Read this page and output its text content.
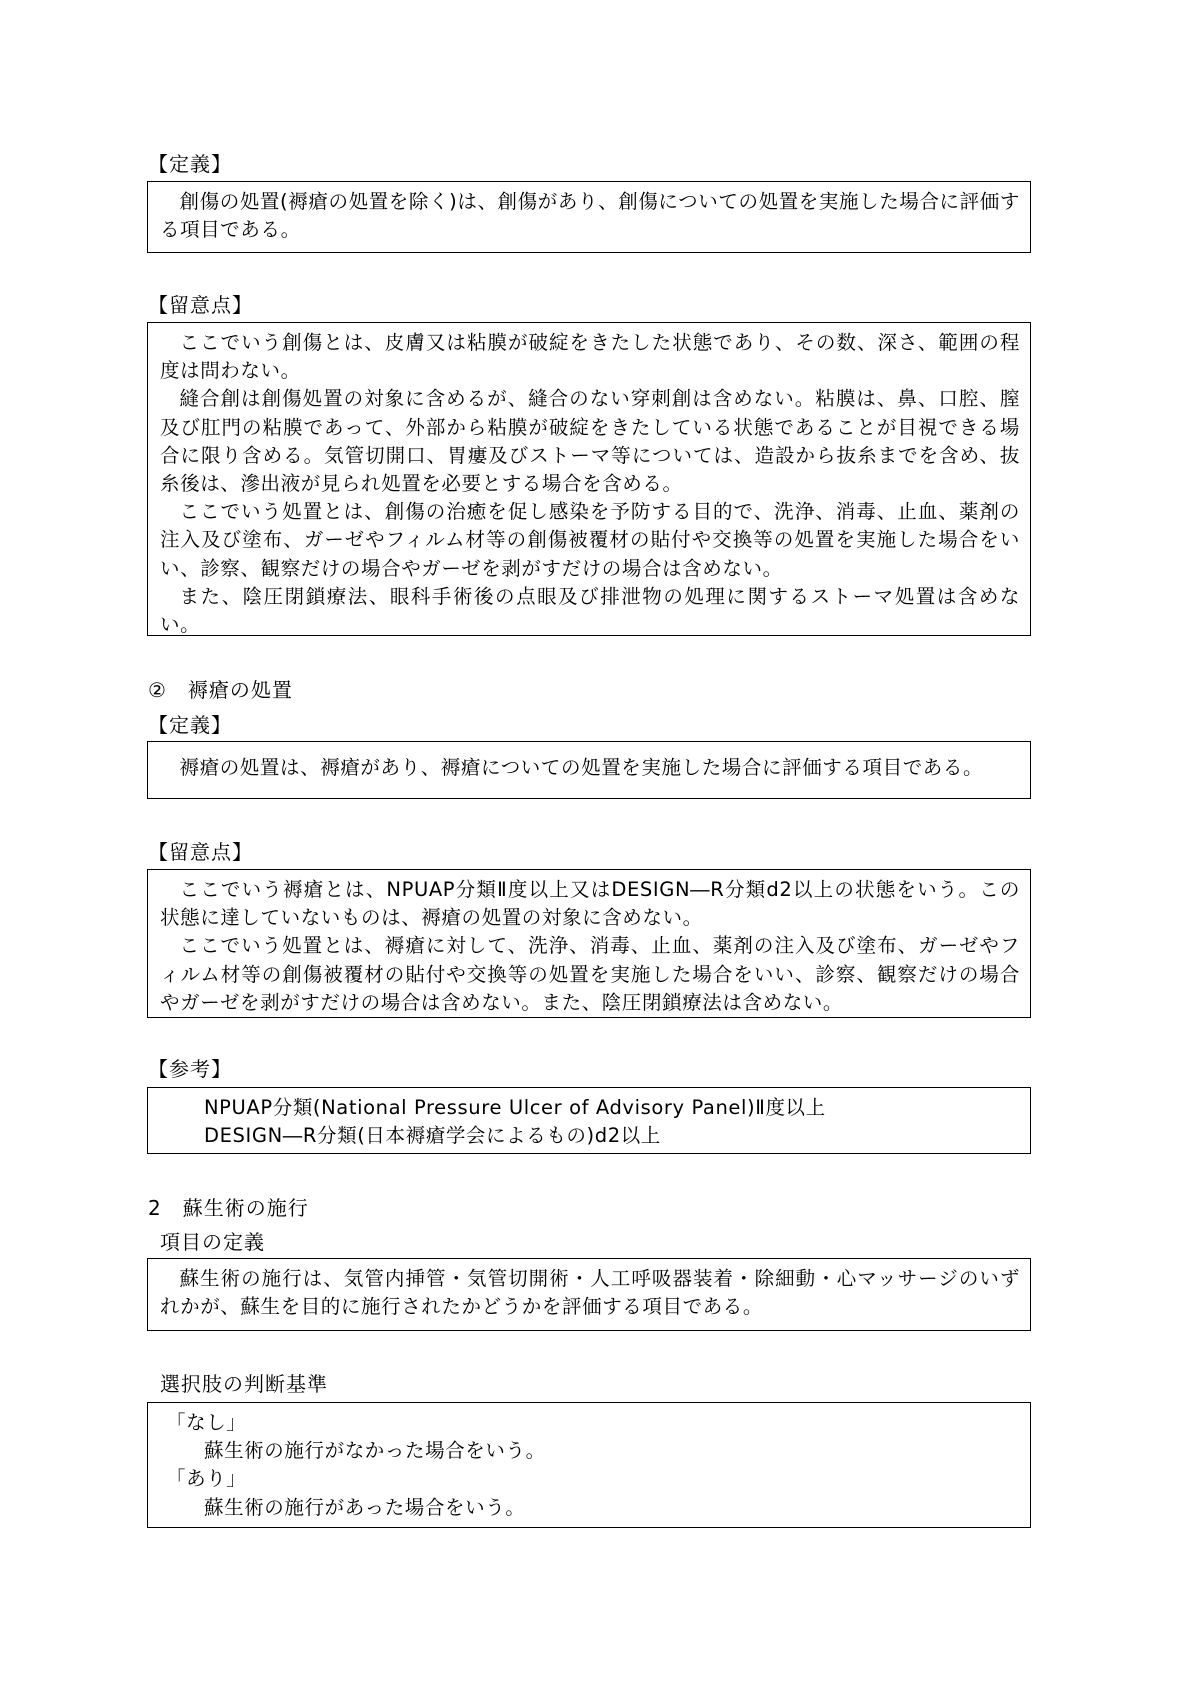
【定義】

創傷の処置(褥瘡の処置を除く)は、創傷があり、創傷についての処置を実施した場合に評価する項目である。

【留意点】

ここでいう創傷とは、皮膚又は粘膜が破綻をきたした状態であり、その数、深さ、範囲の程度は問わない。

縫合創は創傷処置の対象に含めるが、縫合のない穿刺創は含めない。粘膜は、鼻、口腔、膣及び肛門の粘膜であって、外部から粘膜が破綻をきたしている状態であることが目視できる場合に限り含める。気管切開口、胃瘻及びストーマ等については、造設から抜糸までを含め、抜糸後は、滲出液が見られ処置を必要とする場合を含める。

ここでいう処置とは、創傷の治癒を促し感染を予防する目的で、洗浄、消毒、止血、薬剤の注入及び塗布、ガーゼやフィルム材等の創傷被覆材の貼付や交換等の処置を実施した場合をいい、診察、観察だけの場合やガーゼを剥がすだけの場合は含めない。

また、陰圧閉鎖療法、眼科手術後の点眼及び排泄物の処理に関するストーマ処置は含めない。

②　褥瘡の処置
【定義】

褥瘡の処置は、褥瘡があり、褥瘡についての処置を実施した場合に評価する項目である。

【留意点】

ここでいう褥瘡とは、NPUAP分類Ⅱ度以上又はDESIGN―R分類d2以上の状態をいう。この状態に達していないものは、褥瘡の処置の対象に含めない。

ここでいう処置とは、褥瘡に対して、洗浄、消毒、止血、薬剤の注入及び塗布、ガーゼやフィルム材等の創傷被覆材の貼付や交換等の処置を実施した場合をいい、診察、観察だけの場合やガーゼを剥がすだけの場合は含めない。また、陰圧閉鎖療法は含めない。

【参考】

NPUAP分類(National Pressure Ulcer of Advisory Panel)Ⅱ度以上

DESIGN―R分類(日本褥瘡学会によるもの)d2以上

2　蘇生術の施行
項目の定義

蘇生術の施行は、気管内挿管・気管切開術・人工呼吸器装着・除細動・心マッサージのいずれかが、蘇生を目的に施行されたかどうかを評価する項目である。

選択肢の判断基準

「なし」

蘇生術の施行がなかった場合をいう。

「あり」

蘇生術の施行があった場合をいう。
